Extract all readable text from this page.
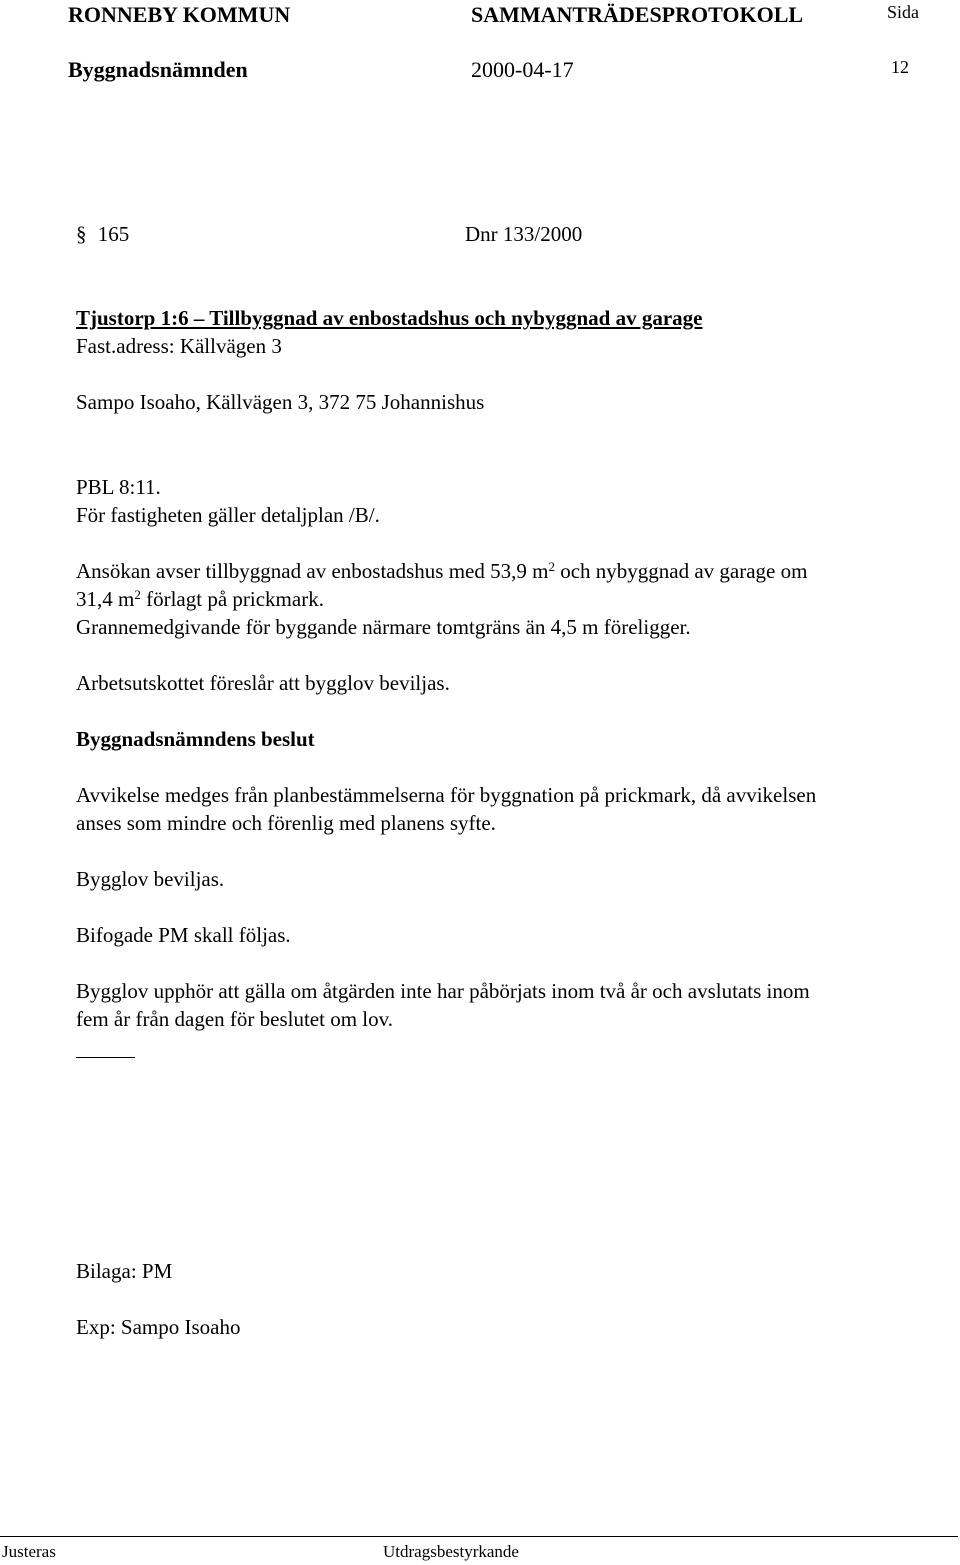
RONNEBY KOMMUN	SAMMANTRÄDESPROTOKOLL	Sida
Byggnadsnämnden	2000-04-17	12
§ 165	Dnr 133/2000
Tjustorp 1:6 – Tillbyggnad av enbostadshus och nybyggnad av garage
Fast.adress: Källvägen 3
Sampo Isoaho, Källvägen 3, 372 75 Johannishus
PBL 8:11.
För fastigheten gäller detaljplan /B/.
Ansökan avser tillbyggnad av enbostadshus med 53,9 $m^2$ och nybyggnad av garage om
31,4 $m^2$ förlagt på prickmark.
Grannemedgivande för byggande närmare tomtgräns än 4,5 m föreligger.
Arbetsutskottet föreslår att bygglov beviljas.
Byggnadsnämndens beslut
Avvikelse medges från planbestämmelserna för byggnation på prickmark, då avvikelsen
anses som mindre och förenlig med planens syfte.
Bygglov beviljas.
Bifogade PM skall följas.
Bygglov upphör att gälla om åtgärden inte har påbörjats inom två år och avslutats inom
fem år från dagen för beslutet om lov.
Bilaga: PM
Exp: Sampo Isoaho
Justeras	Utdragsbestyrkande
